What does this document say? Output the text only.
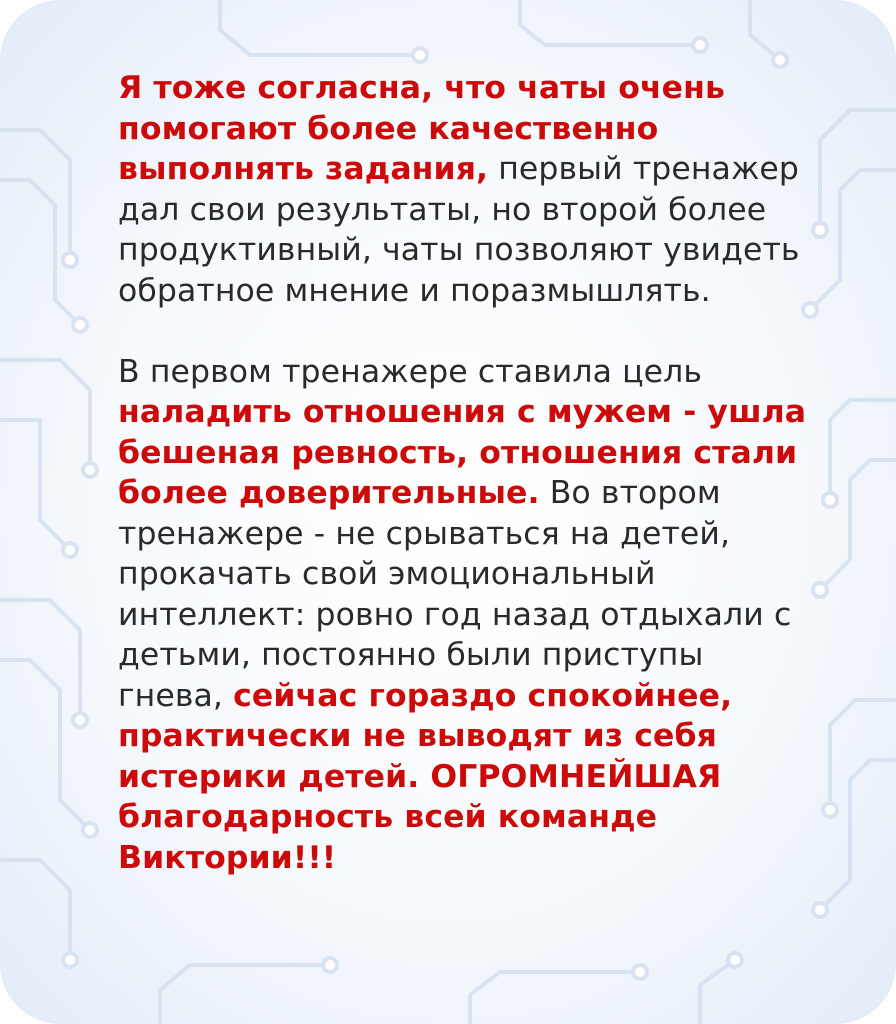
Я тоже согласна, что чаты очень помогают более качественно выполнять задания, первый тренажер дал свои результаты, но второй более продуктивный, чаты позволяют увидеть обратное мнение и поразмышлять.

В первом тренажере ставила цель наладить отношения с мужем - ушла бешеная ревность, отношения стали более доверительные. Во втором тренажере - не срываться на детей, прокачать свой эмоциональный интеллект: ровно год назад отдыхали с детьми, постоянно были приступы гнева, сейчас гораздо спокойнее, практически не выводят из себя истерики детей. ОГРОМНЕЙШАЯ благодарность всей команде Виктории!!!
